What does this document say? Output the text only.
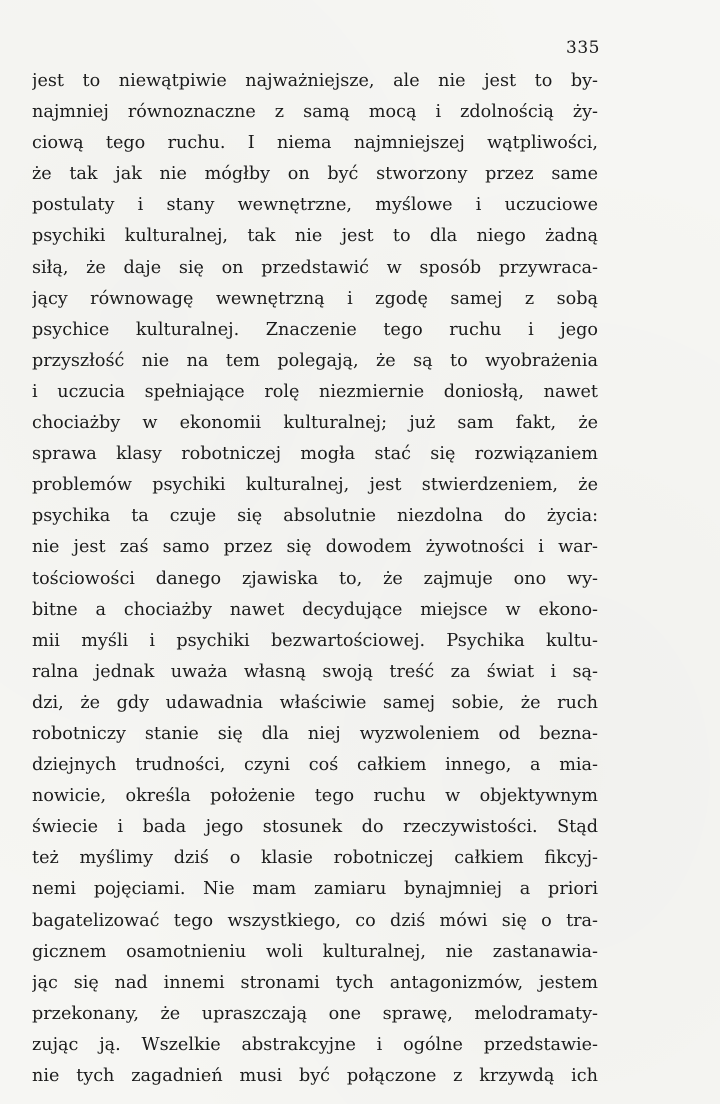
335
jest to niewątpiwie najważniejsze, ale nie jest to by-
najmniej równoznaczne z samą mocą i zdolnością ży-
ciową tego ruchu. I niema najmniejszej wątpliwości,
że tak jak nie mógłby on być stworzony przez same
postulaty i stany wewnętrzne, myślowe i uczuciowe
psychiki kulturalnej, tak nie jest to dla niego żadną
siłą, że daje się on przedstawić w sposób przywraca-
jący równowagę wewnętrzną i zgodę samej z sobą
psychice kulturalnej. Znaczenie tego ruchu i jego
przyszłość nie na tem polegają, że są to wyobrażenia
i uczucia spełniające rolę niezmiernie doniosłą, nawet
chociażby w ekonomii kulturalnej; już sam fakt, że
sprawa klasy robotniczej mogła stać się rozwiązaniem
problemów psychiki kulturalnej, jest stwierdzeniem, że
psychika ta czuje się absolutnie niezdolna do życia:
nie jest zaś samo przez się dowodem żywotności i war-
tościowości danego zjawiska to, że zajmuje ono wy-
bitne a chociażby nawet decydujące miejsce w ekono-
mii myśli i psychiki bezwartościowej. Psychika kultu-
ralna jednak uważa własną swoją treść za świat i są-
dzi, że gdy udawadnia właściwie samej sobie, że ruch
robotniczy stanie się dla niej wyzwoleniem od bezna-
dziejnych trudności, czyni coś całkiem innego, a mia-
nowicie, określa położenie tego ruchu w objektywnym
świecie i bada jego stosunek do rzeczywistości. Stąd
też myślimy dziś o klasie robotniczej całkiem fikcyj-
nemi pojęciami. Nie mam zamiaru bynajmniej a priori
bagatelizować tego wszystkiego, co dziś mówi się o tra-
gicznem osamotnieniu woli kulturalnej, nie zastanawia-
jąc się nad innemi stronami tych antagonizmów, jestem
przekonany, że upraszczają one sprawę, melodramaty-
zując ją. Wszelkie abstrakcyjne i ogólne przedstawie-
nie tych zagadnień musi być połączone z krzywdą ich
